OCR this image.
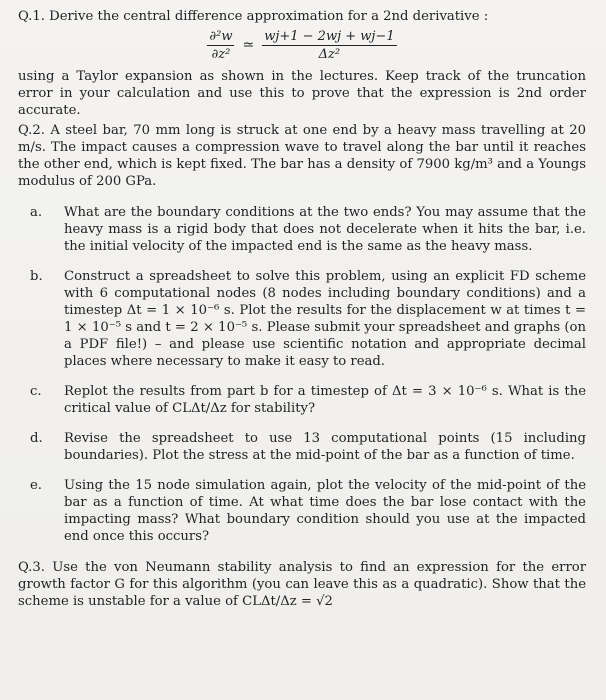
Q.1. Derive the central difference approximation for a 2nd derivative :

$\frac{\text{∂²w}}{\text{∂z²}}$ ≃ $\frac{wj+1 - 2wj + wj-1}{\text{Δz²}}$

using a Taylor expansion as shown in the lectures. Keep track of the truncation error in your calculation and use this to prove that the expression is 2nd order accurate.

Q.2. A steel bar, 70 mm long is struck at one end by a heavy mass travelling at 20 m/s. The impact causes a compression wave to travel along the bar until it reaches the other end, which is kept fixed. The bar has a density of 7900 kg/m³ and a Youngs modulus of 200 GPa.

a.	What are the boundary conditions at the two ends? You may assume that the heavy mass is a rigid body that does not decelerate when it hits the bar, i.e. the initial velocity of the impacted end is the same as the heavy mass.
b.	Construct a spreadsheet to solve this problem, using an explicit FD scheme with 6 computational nodes (8 nodes including boundary conditions) and a timestep Δt = 1 × 10⁻⁶ s. Plot the results for the displacement w at times t = 1 × 10⁻⁵ s and t = 2 × 10⁻⁵ s. Please submit your spreadsheet and graphs (on a PDF file!) – and please use scientific notation and appropriate decimal places where necessary to make it easy to read.
c.	Replot the results from part b for a timestep of Δt = 3 × 10⁻⁶ s. What is the critical value of CLΔt/Δz for stability?
d.	Revise the spreadsheet to use 13 computational points (15 including boundaries). Plot the stress at the mid-point of the bar as a function of time.
e.	Using the 15 node simulation again, plot the velocity of the mid-point of the bar as a function of time. At what time does the bar lose contact with the impacting mass? What boundary condition should you use at the impacted end once this occurs?

Q.3. Use the von Neumann stability analysis to find an expression for the error growth factor G for this algorithm (you can leave this as a quadratic). Show that the scheme is unstable for a value of CLΔt/Δz = √2
